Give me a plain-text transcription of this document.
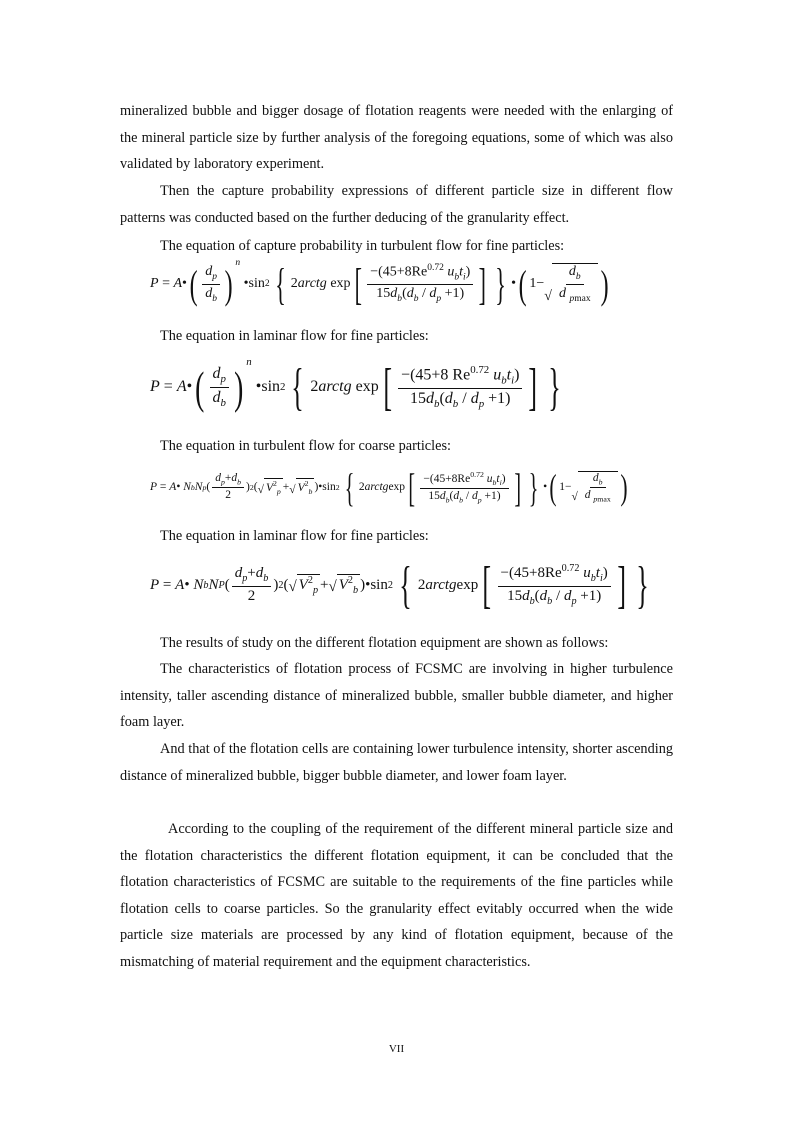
mineralized bubble and bigger dosage of flotation reagents were needed with the enlarging of the mineral particle size by further analysis of the foregoing equations, some of which was also validated by laboratory experiment.

Then the capture probability expressions of different particle size in different flow patterns was conducted based on the further deducing of the granularity effect.

The equation of capture probability in turbulent flow for fine particles:
P = A • ( $\frac{d_p}{d_b}$ ) $^n$
•sin 2 { 2 arctg exp [ $\frac{-(45+8Re^{0.72} u_bt_i)}{15d_b(d_b / d_p +1)}$ ] } • ( 1−
√ $\frac{d_b}{d _{pmax}}$ )
The equation in laminar flow for fine particles:
P = A • ( $\frac{d_p}{d_b}$ ) $^n$
•sin 2 { 2 arctg exp [ $\frac{-(45+8 Re^{0.72} u_bt_i)}{15d_b(d_b / d_p +1)}$ ] }
The equation in turbulent flow for coarse particles:
P = A • N b N p ( $\frac{d_p+d_b}{2}$ ) 2 ( √ $V^2_p$ + √ $V^2_b$ )•sin 2 { 2 arctg exp [ $\frac{-(45+8Re^{0.72} u_bt_i)}{15d_b(d_b / d_p +1)}$ ] } • ( 1−
√ $\frac{d_b}{d _{pmax}}$ )
The equation in laminar flow for fine particles:
P = A • N b N P ( $\frac{d_p+d_b}{2}$ ) 2 ( √ $V^2_p$ + √ $V^2_b$ )•sin 2 { 2 arctg exp [ $\frac{-(45+8Re^{0.72} u_bt_i)}{15d_b(d_b / d_p +1)}$ ] }

The results of study on the different flotation equipment are shown as follows:

The characteristics of flotation process of FCSMC are involving in higher turbulence intensity, taller ascending distance of mineralized bubble, smaller bubble diameter, and higher foam layer.

And that of the flotation cells are containing lower turbulence intensity, shorter ascending distance of mineralized bubble, bigger bubble diameter, and lower foam layer.

According to the coupling of the requirement of the different mineral particle size and the flotation characteristics the different flotation equipment, it can be concluded that the flotation characteristics of FCSMC are suitable to the requirements of the fine particles while flotation cells to coarse particles. So the granularity effect evitably occurred when the wide particle size materials are processed by any kind of flotation equipment, because of the mismatching of material requirement and the equipment characteristics.

VII
